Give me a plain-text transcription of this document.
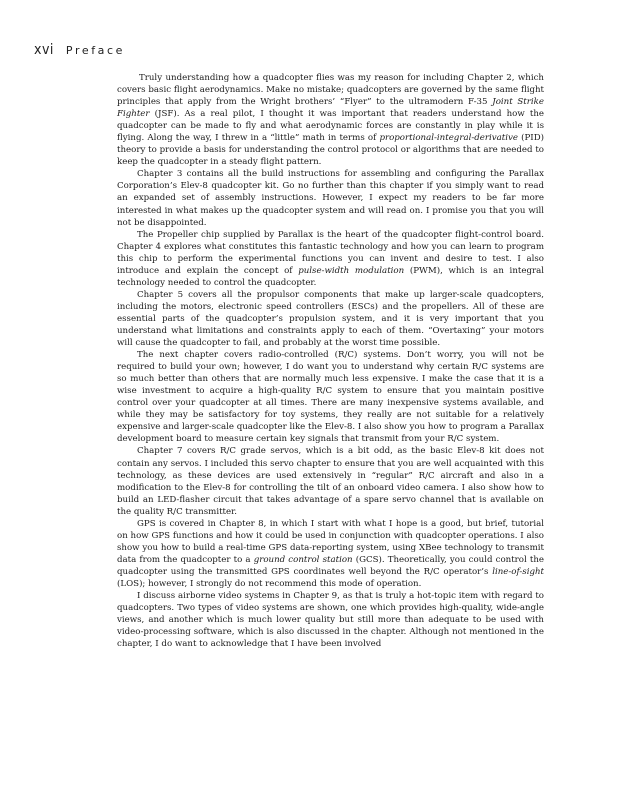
xvi Preface

Truly understanding how a quadcopter flies was my reason for including Chapter 2, which covers basic flight aerodynamics. Make no mistake; quadcopters are governed by the same flight principles that apply from the Wright brothers’ “Flyer” to the ultramodern F-35 Joint Strike Fighter (JSF). As a real pilot, I thought it was important that readers understand how the quadcopter can be made to fly and what aerodynamic forces are constantly in play while it is flying. Along the way, I threw in a “little” math in terms of proportional-integral-derivative (PID) theory to provide a basis for understanding the control protocol or algorithms that are needed to keep the quadcopter in a steady flight pattern.

Chapter 3 contains all the build instructions for assembling and configuring the Parallax Corporation’s Elev-8 quadcopter kit. Go no further than this chapter if you simply want to read an expanded set of assembly instructions. However, I expect my readers to be far more interested in what makes up the quadcopter system and will read on. I promise you that you will not be disappointed.

The Propeller chip supplied by Parallax is the heart of the quadcopter flight-control board. Chapter 4 explores what constitutes this fantastic technology and how you can learn to program this chip to perform the experimental functions you can invent and desire to test. I also introduce and explain the concept of pulse-width modulation (PWM), which is an integral technology needed to control the quadcopter.

Chapter 5 covers all the propulsor components that make up larger-scale quadcopters, including the motors, electronic speed controllers (ESCs) and the propellers. All of these are essential parts of the quadcopter’s propulsion system, and it is very important that you understand what limitations and constraints apply to each of them. “Overtaxing” your motors will cause the quadcopter to fail, and probably at the worst time possible.

The next chapter covers radio-controlled (R/C) systems. Don’t worry, you will not be required to build your own; however, I do want you to understand why certain R/C systems are so much better than others that are normally much less expensive. I make the case that it is a wise investment to acquire a high-quality R/C system to ensure that you maintain positive control over your quadcopter at all times. There are many inexpensive systems available, and while they may be satisfactory for toy systems, they really are not suitable for a relatively expensive and larger-scale quadcopter like the Elev-8. I also show you how to program a Parallax development board to measure certain key signals that transmit from your R/C system.

Chapter 7 covers R/C grade servos, which is a bit odd, as the basic Elev-8 kit does not contain any servos. I included this servo chapter to ensure that you are well acquainted with this technology, as these devices are used extensively in “regular” R/C aircraft and also in a modification to the Elev-8 for controlling the tilt of an onboard video camera. I also show how to build an LED-flasher circuit that takes advantage of a spare servo channel that is available on the quality R/C transmitter.

GPS is covered in Chapter 8, in which I start with what I hope is a good, but brief, tutorial on how GPS functions and how it could be used in conjunction with quadcopter operations. I also show you how to build a real-time GPS data-reporting system, using XBee technology to transmit data from the quadcopter to a ground control station (GCS). Theoretically, you could control the quadcopter using the transmitted GPS coordinates well beyond the R/C operator’s line-of-sight (LOS); however, I strongly do not recommend this mode of operation.

I discuss airborne video systems in Chapter 9, as that is truly a hot-topic item with regard to quadcopters. Two types of video systems are shown, one which provides high-quality, wide-angle views, and another which is much lower quality but still more than adequate to be used with video-processing software, which is also discussed in the chapter. Although not mentioned in the chapter, I do want to acknowledge that I have been involved
